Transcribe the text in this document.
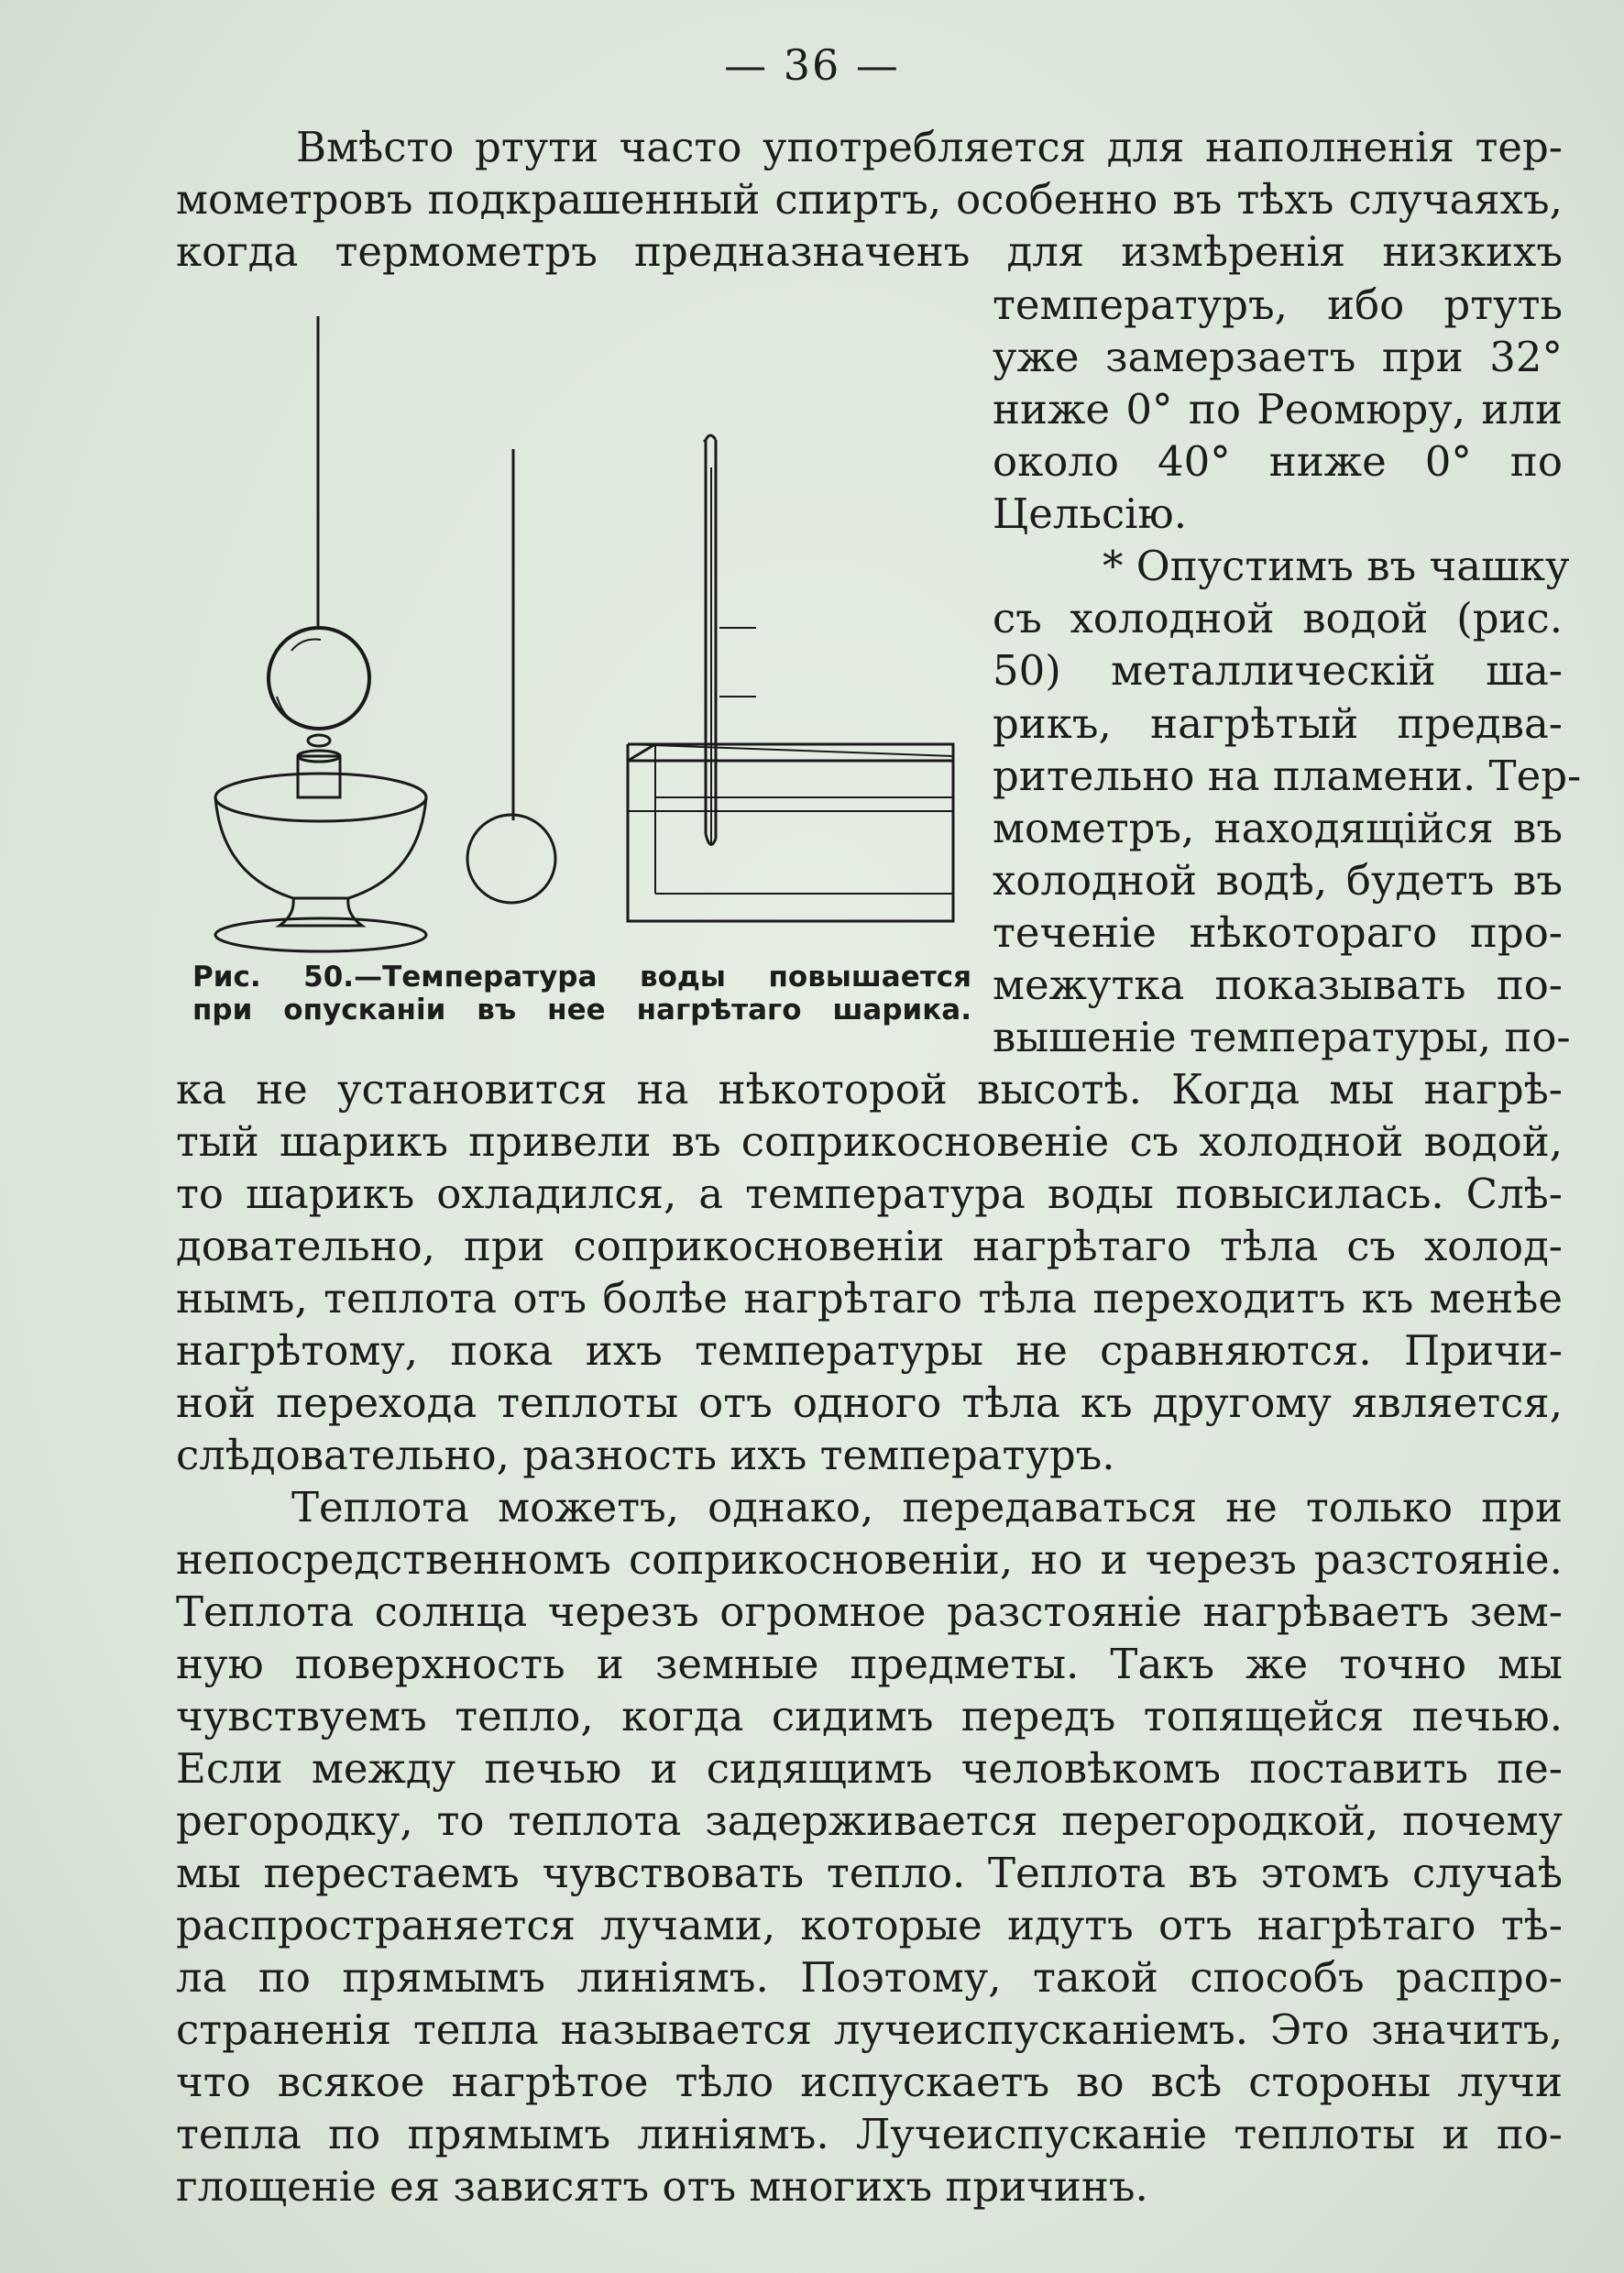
— 36 —
Вмѣсто ртути часто употребляется для наполненія тер-
мометровъ подкрашенный спиртъ, особенно въ тѣхъ случаяхъ,
когда термометръ предназначенъ для измѣренія низкихъ
температуръ, ибо ртуть
уже замерзаетъ при 32°
ниже 0° по Реомюру, или
около 40° ниже 0° по
Цельсію.
* Опустимъ въ чашку
съ холодной водой (рис.
50) металлическій ша-
рикъ, нагрѣтый предва-
рительно на пламени. Тер-
мометръ, находящійся въ
холодной водѣ, будетъ въ
теченіе нѣкотораго про-
межутка показывать по-
вышеніе температуры, по-
ка не установится на нѣкоторой высотѣ. Когда мы нагрѣ-
тый шарикъ привели въ соприкосновеніе съ холодной водой,
то шарикъ охладился, а температура воды повысилась. Слѣ-
довательно, при соприкосновеніи нагрѣтаго тѣла съ холод-
нымъ, теплота отъ болѣе нагрѣтаго тѣла переходитъ къ менѣе
нагрѣтому, пока ихъ температуры не сравняются. Причи-
ной перехода теплоты отъ одного тѣла къ другому является,
слѣдовательно, разность ихъ температуръ.
Теплота можетъ, однако, передаваться не только при
непосредственномъ соприкосновеніи, но и черезъ разстояніе.
Теплота солнца черезъ огромное разстояніе нагрѣваетъ зем-
ную поверхность и земные предметы. Такъ же точно мы
чувствуемъ тепло, когда сидимъ передъ топящейся печью.
Если между печью и сидящимъ человѣкомъ поставить пе-
регородку, то теплота задерживается перегородкой, почему
мы перестаемъ чувствовать тепло. Теплота въ этомъ случаѣ
распространяется лучами, которые идутъ отъ нагрѣтаго тѣ-
ла по прямымъ линіямъ. Поэтому, такой способъ распро-
страненія тепла называется лучеиспусканіемъ. Это значитъ,
что всякое нагрѣтое тѣло испускаетъ во всѣ стороны лучи
тепла по прямымъ линіямъ. Лучеиспусканіе теплоты и по-
глощеніе ея зависятъ отъ многихъ причинъ.
Рис. 50.—Температура воды повышается
при опусканіи въ нее нагрѣтаго шарика.
